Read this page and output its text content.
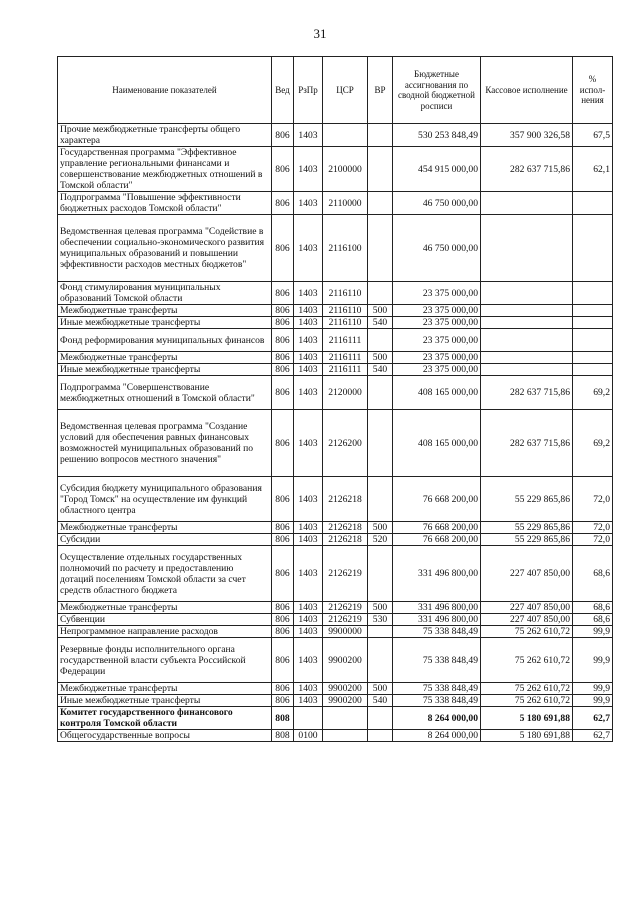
31
Наименование показателей	Вед	РзПр	ЦСР	ВР	Бюджетные ассигнования по сводной бюджетной росписи	Кассовое исполнение	% испол-нения
Прочие межбюджетные трансферты общего характера	806	1403			530 253 848,49	357 900 326,58	67,5
Государственная программа "Эффективное управление региональными финансами и совершенствование межбюджетных отношений в Томской области"	806	1403	2100000		454 915 000,00	282 637 715,86	62,1
Подпрограмма "Повышение эффективности бюджетных расходов Томской области"	806	1403	2110000		46 750 000,00		
Ведомственная целевая программа "Содействие в обеспечении социально-экономического развития муниципальных образований и повышении эффективности расходов местных бюджетов"	806	1403	2116100		46 750 000,00		
Фонд стимулирования муниципальных образований Томской области	806	1403	2116110		23 375 000,00		
Межбюджетные трансферты	806	1403	2116110	500	23 375 000,00		
Иные межбюджетные трансферты	806	1403	2116110	540	23 375 000,00		
Фонд реформирования муниципальных финансов	806	1403	2116111		23 375 000,00		
Межбюджетные трансферты	806	1403	2116111	500	23 375 000,00		
Иные межбюджетные трансферты	806	1403	2116111	540	23 375 000,00		
Подпрограмма "Совершенствование межбюджетных отношений в Томской области"	806	1403	2120000		408 165 000,00	282 637 715,86	69,2
Ведомственная целевая программа "Создание условий для обеспечения равных финансовых возможностей муниципальных образований по решению вопросов местного значения"	806	1403	2126200		408 165 000,00	282 637 715,86	69,2
Субсидия бюджету муниципального образования "Город Томск" на осуществление им функций областного центра	806	1403	2126218		76 668 200,00	55 229 865,86	72,0
Межбюджетные трансферты	806	1403	2126218	500	76 668 200,00	55 229 865,86	72,0
Субсидии	806	1403	2126218	520	76 668 200,00	55 229 865,86	72,0
Осуществление отдельных государственных полномочий по расчету и предоставлению дотаций поселениям Томской области за счет средств областного бюджета	806	1403	2126219		331 496 800,00	227 407 850,00	68,6
Межбюджетные трансферты	806	1403	2126219	500	331 496 800,00	227 407 850,00	68,6
Субвенции	806	1403	2126219	530	331 496 800,00	227 407 850,00	68,6
Непрограммное направление расходов	806	1403	9900000		75 338 848,49	75 262 610,72	99,9
Резервные фонды исполнительного органа государственной власти субъекта Российской Федерации	806	1403	9900200		75 338 848,49	75 262 610,72	99,9
Межбюджетные трансферты	806	1403	9900200	500	75 338 848,49	75 262 610,72	99,9
Иные межбюджетные трансферты	806	1403	9900200	540	75 338 848,49	75 262 610,72	99,9
Комитет государственного финансового контроля Томской области	808				8 264 000,00	5 180 691,88	62,7
Общегосударственные вопросы	808	0100			8 264 000,00	5 180 691,88	62,7
